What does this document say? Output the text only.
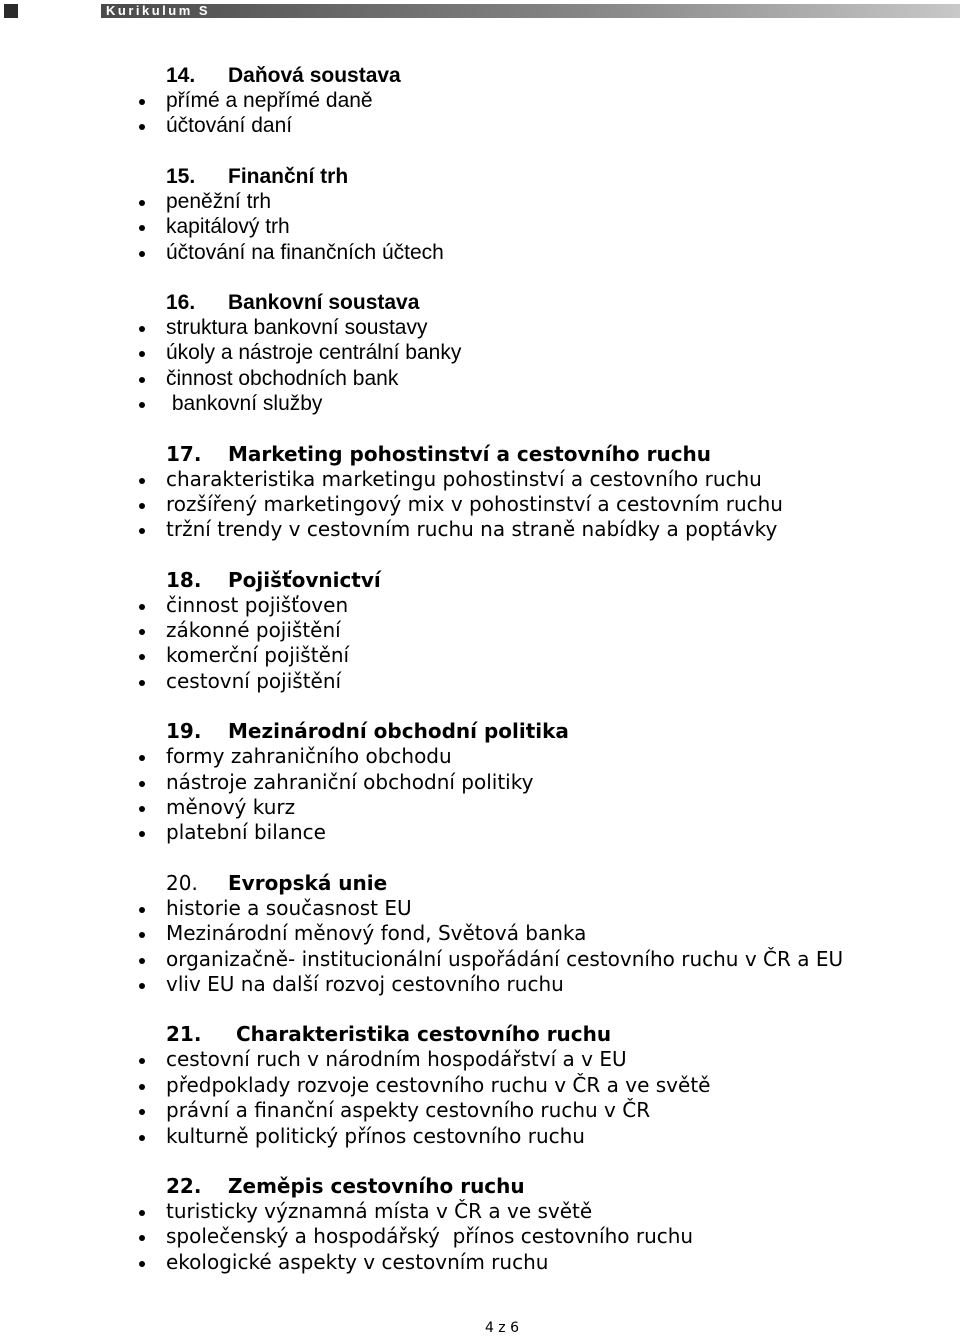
Kurikulum S
14. Daňová soustava
přímé a nepřímé daně
účtování daní
15. Finanční trh
peněžní trh
kapitálový trh
účtování na finančních účtech
16. Bankovní soustava
struktura bankovní soustavy
úkoly a nástroje centrální banky
činnost obchodních bank
bankovní služby
17. Marketing pohostinství a cestovního ruchu
charakteristika marketingu pohostinství a cestovního ruchu
rozšířený marketingový mix v pohostinství a cestovním ruchu
tržní trendy v cestovním ruchu na straně nabídky a poptávky
18. Pojišťovnictví
činnost pojišťoven
zákonné pojištění
komerční pojištění
cestovní pojištění
19. Mezinárodní obchodní politika
formy zahraničního obchodu
nástroje zahraniční obchodní politiky
měnový kurz
platební bilance
20. Evropská unie
historie a současnost EU
Mezinárodní měnový fond, Světová banka
organizačně- institucionální uspořádání cestovního ruchu v ČR a EU
vliv EU na další rozvoj cestovního ruchu
21. Charakteristika cestovního ruchu
cestovní ruch v národním hospodářství a v EU
předpoklady rozvoje cestovního ruchu v ČR a ve světě
právní a finanční aspekty cestovního ruchu v ČR
kulturně politický přínos cestovního ruchu
22. Zeměpis cestovního ruchu
turisticky významná místa v ČR a ve světě
společenský a hospodářský  přínos cestovního ruchu
ekologické aspekty v cestovním ruchu
4 z 6
